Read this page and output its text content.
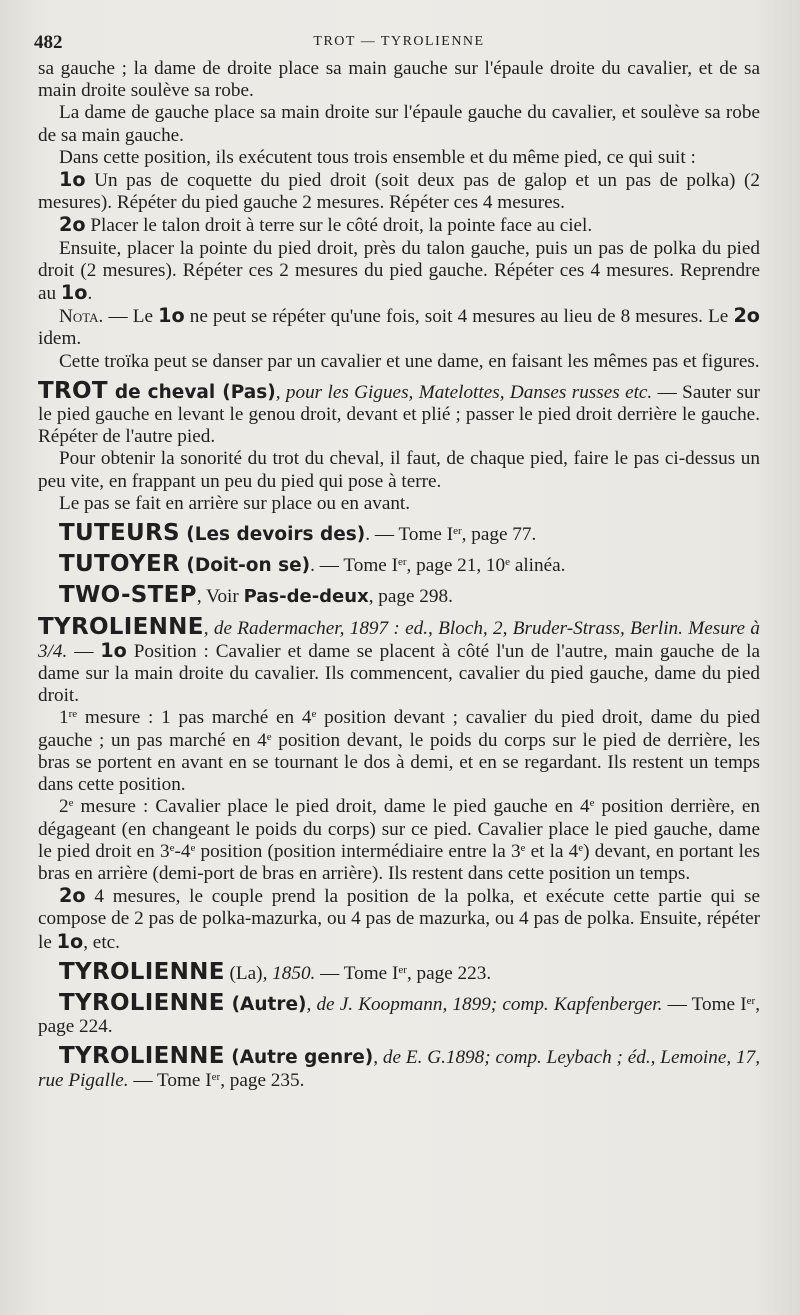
482	TROT — TYROLIENNE

sa gauche ; la dame de droite place sa main gauche sur l'épaule droite du cavalier, et de sa main droite soulève sa robe.

La dame de gauche place sa main droite sur l'épaule gauche du cavalier, et soulève sa robe de sa main gauche.

Dans cette position, ils exécutent tous trois ensemble et du même pied, ce qui suit :

1o Un pas de coquette du pied droit (soit deux pas de galop et un pas de polka) (2 mesures). Répéter du pied gauche 2 mesures. Répéter ces 4 mesures.

2o Placer le talon droit à terre sur le côté droit, la pointe face au ciel.

Ensuite, placer la pointe du pied droit, près du talon gauche, puis un pas de polka du pied droit (2 mesures). Répéter ces 2 mesures du pied gauche. Répéter ces 4 mesures. Reprendre au 1o.

Nota. — Le 1o ne peut se répéter qu'une fois, soit 4 mesures au lieu de 8 mesures. Le 2o idem.

Cette troïka peut se danser par un cavalier et une dame, en faisant les mêmes pas et figures.

TROT de cheval (Pas), pour les Gigues, Matelottes, Danses russes etc. — Sauter sur le pied gauche en levant le genou droit, devant et plié ; passer le pied droit derrière le gauche. Répéter de l'autre pied.

Pour obtenir la sonorité du trot du cheval, il faut, de chaque pied, faire le pas ci-dessus un peu vite, en frappant un peu du pied qui pose à terre.

Le pas se fait en arrière sur place ou en avant.

TUTEURS (Les devoirs des). — Tome Ier, page 77.

TUTOYER (Doit-on se). — Tome Ier, page 21, 10e alinéa.

TWO-STEP, Voir Pas-de-deux, page 298.

TYROLIENNE, de Radermacher, 1897 : ed., Bloch, 2, Bruder-Strass, Berlin. Mesure à 3/4. — 1o Position : Cavalier et dame se placent à côté l'un de l'autre, main gauche de la dame sur la main droite du cavalier. Ils commencent, cavalier du pied gauche, dame du pied droit.

1re mesure : 1 pas marché en 4e position devant ; cavalier du pied droit, dame du pied gauche ; un pas marché en 4e position devant, le poids du corps sur le pied de derrière, les bras se portent en avant en se tournant le dos à demi, et en se regardant. Ils restent un temps dans cette position.

2e mesure : Cavalier place le pied droit, dame le pied gauche en 4e position derrière, en dégageant (en changeant le poids du corps) sur ce pied. Cavalier place le pied gauche, dame le pied droit en 3e-4e position (position intermédiaire entre la 3e et la 4e) devant, en portant les bras en arrière (demi-port de bras en arrière). Ils restent dans cette position un temps.

2o 4 mesures, le couple prend la position de la polka, et exécute cette partie qui se compose de 2 pas de polka-mazurka, ou 4 pas de mazurka, ou 4 pas de polka. Ensuite, répéter le 1o, etc.

TYROLIENNE (La), 1850. — Tome Ier, page 223.

TYROLIENNE (Autre), de J. Koopmann, 1899; comp. Kapfenberger. — Tome Ier, page 224.

TYROLIENNE (Autre genre), de E. G.1898; comp. Leybach ; éd., Lemoine, 17, rue Pigalle. — Tome Ier, page 235.
